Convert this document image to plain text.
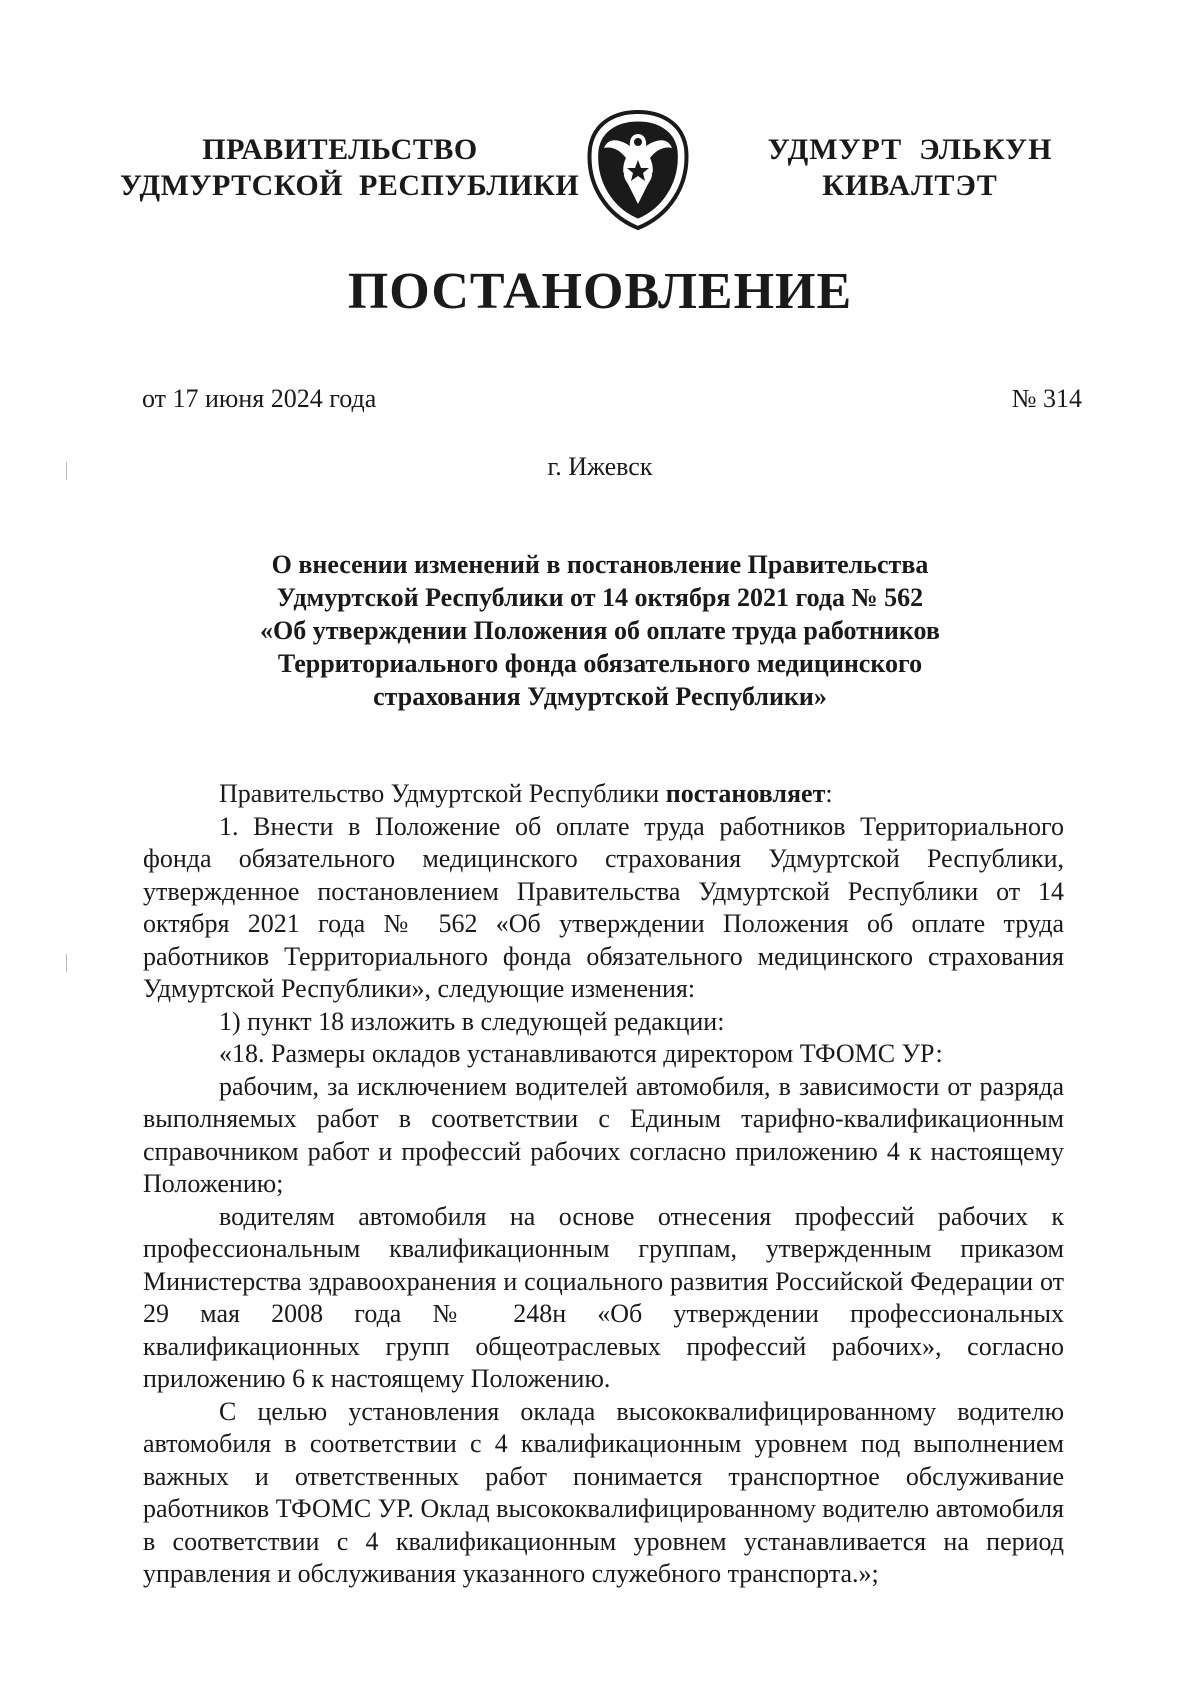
ПРАВИТЕЛЬСТВО
УДМУРТСКОЙ  РЕСПУБЛИКИ
УДМУРТ  ЭЛЬКУН
КИВАЛТЭТ
ПОСТАНОВЛЕНИЕ
от 17 июня 2024 года	№ 314
г. Ижевск
О внесении изменений в постановление Правительства
Удмуртской Республики от 14 октября 2021 года № 562
«Об утверждении Положения об оплате труда работников
Территориального фонда обязательного медицинского
страхования Удмуртской Республики»

Правительство Удмуртской Республики постановляет:

1. Внести в Положение об оплате труда работников Территориального фонда обязательного медицинского страхования Удмуртской Республики, утвержденное постановлением Правительства Удмуртской Республики от 14 октября 2021 года № 562 «Об утверждении Положения об оплате труда работников Территориального фонда обязательного медицинского страхования Удмуртской Республики», следующие изменения:

1) пункт 18 изложить в следующей редакции:

«18. Размеры окладов устанавливаются директором ТФОМС УР:

рабочим, за исключением водителей автомобиля, в зависимости от разряда выполняемых работ в соответствии с Единым тарифно-квалификационным справочником работ и профессий рабочих согласно приложению 4 к настоящему Положению;

водителям автомобиля на основе отнесения профессий рабочих к профессиональным квалификационным группам, утвержденным приказом Министерства здравоохранения и социального развития Российской Федерации от 29 мая 2008 года № 248н «Об утверждении профессиональных квалификационных групп общеотраслевых профессий рабочих», согласно приложению 6 к настоящему Положению.

С целью установления оклада высококвалифицированному водителю автомобиля в соответствии с 4 квалификационным уровнем под выполнением важных и ответственных работ понимается транспортное обслуживание работников ТФОМС УР. Оклад высококвалифицированному водителю автомобиля в соответствии с 4 квалификационным уровнем устанавливается на период управления и обслуживания указанного служебного транспорта.»;
